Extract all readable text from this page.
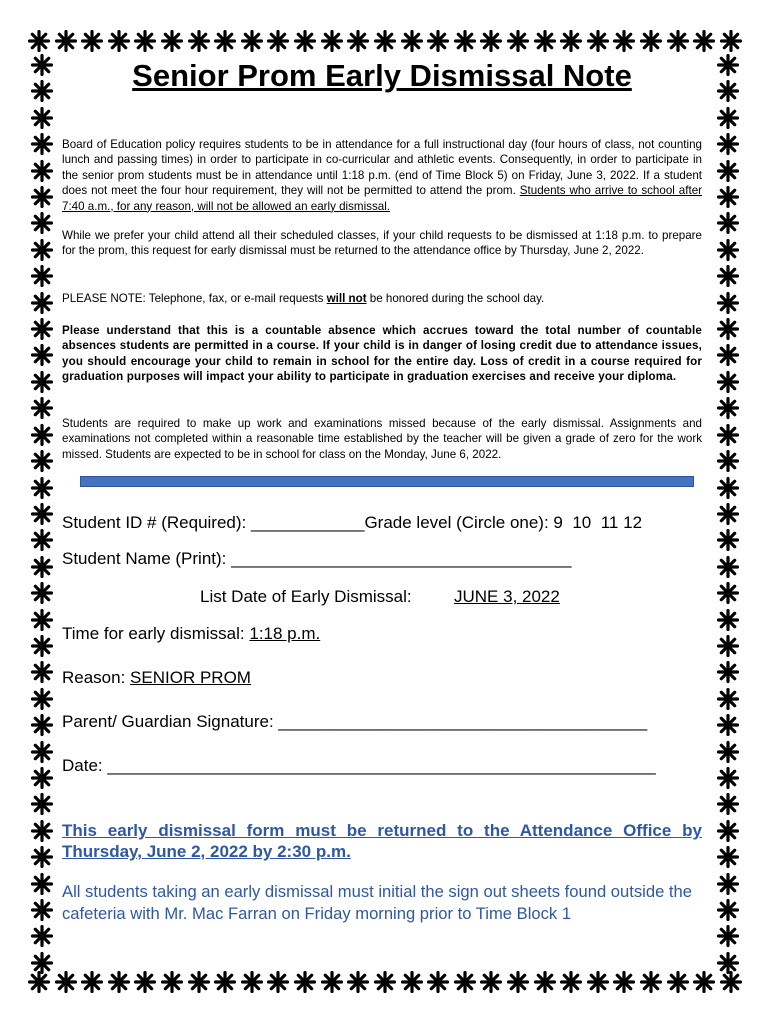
Senior Prom Early Dismissal Note

Board of Education policy requires students to be in attendance for a full instructional day (four hours of class, not counting lunch and passing times) in order to participate in co-curricular and athletic events. Consequently, in order to participate in the senior prom students must be in attendance until 1:18 p.m. (end of Time Block 5) on Friday, June 3, 2022. If a student does not meet the four hour requirement, they will not be permitted to attend the prom. Students who arrive to school after 7:40 a.m., for any reason, will not be allowed an early dismissal.

While we prefer your child attend all their scheduled classes, if your child requests to be dismissed at 1:18 p.m. to prepare for the prom, this request for early dismissal must be returned to the attendance office by Thursday, June 2, 2022.

PLEASE NOTE: Telephone, fax, or e-mail requests will not be honored during the school day.

Please understand that this is a countable absence which accrues toward the total number of countable absences students are permitted in a course. If your child is in danger of losing credit due to attendance issues, you should encourage your child to remain in school for the entire day. Loss of credit in a course required for graduation purposes will impact your ability to participate in graduation exercises and receive your diploma.

Students are required to make up work and examinations missed because of the early dismissal. Assignments and examinations not completed within a reasonable time established by the teacher will be given a grade of zero for the work missed. Students are expected to be in school for class on the Monday, June 6, 2022.

Student ID # (Required): ____________Grade level (Circle one): 9 10 11 12
Student Name (Print): ____________________________________
List Date of Early Dismissal: JUNE 3, 2022
Time for early dismissal: 1:18 p.m.
Reason: SENIOR PROM
Parent/ Guardian Signature: _______________________________________
Date: __________________________________________________________

This early dismissal form must be returned to the Attendance Office by Thursday, June 2, 2022 by 2:30 p.m.

All students taking an early dismissal must initial the sign out sheets found outside the cafeteria with Mr. Mac Farran on Friday morning prior to Time Block 1
